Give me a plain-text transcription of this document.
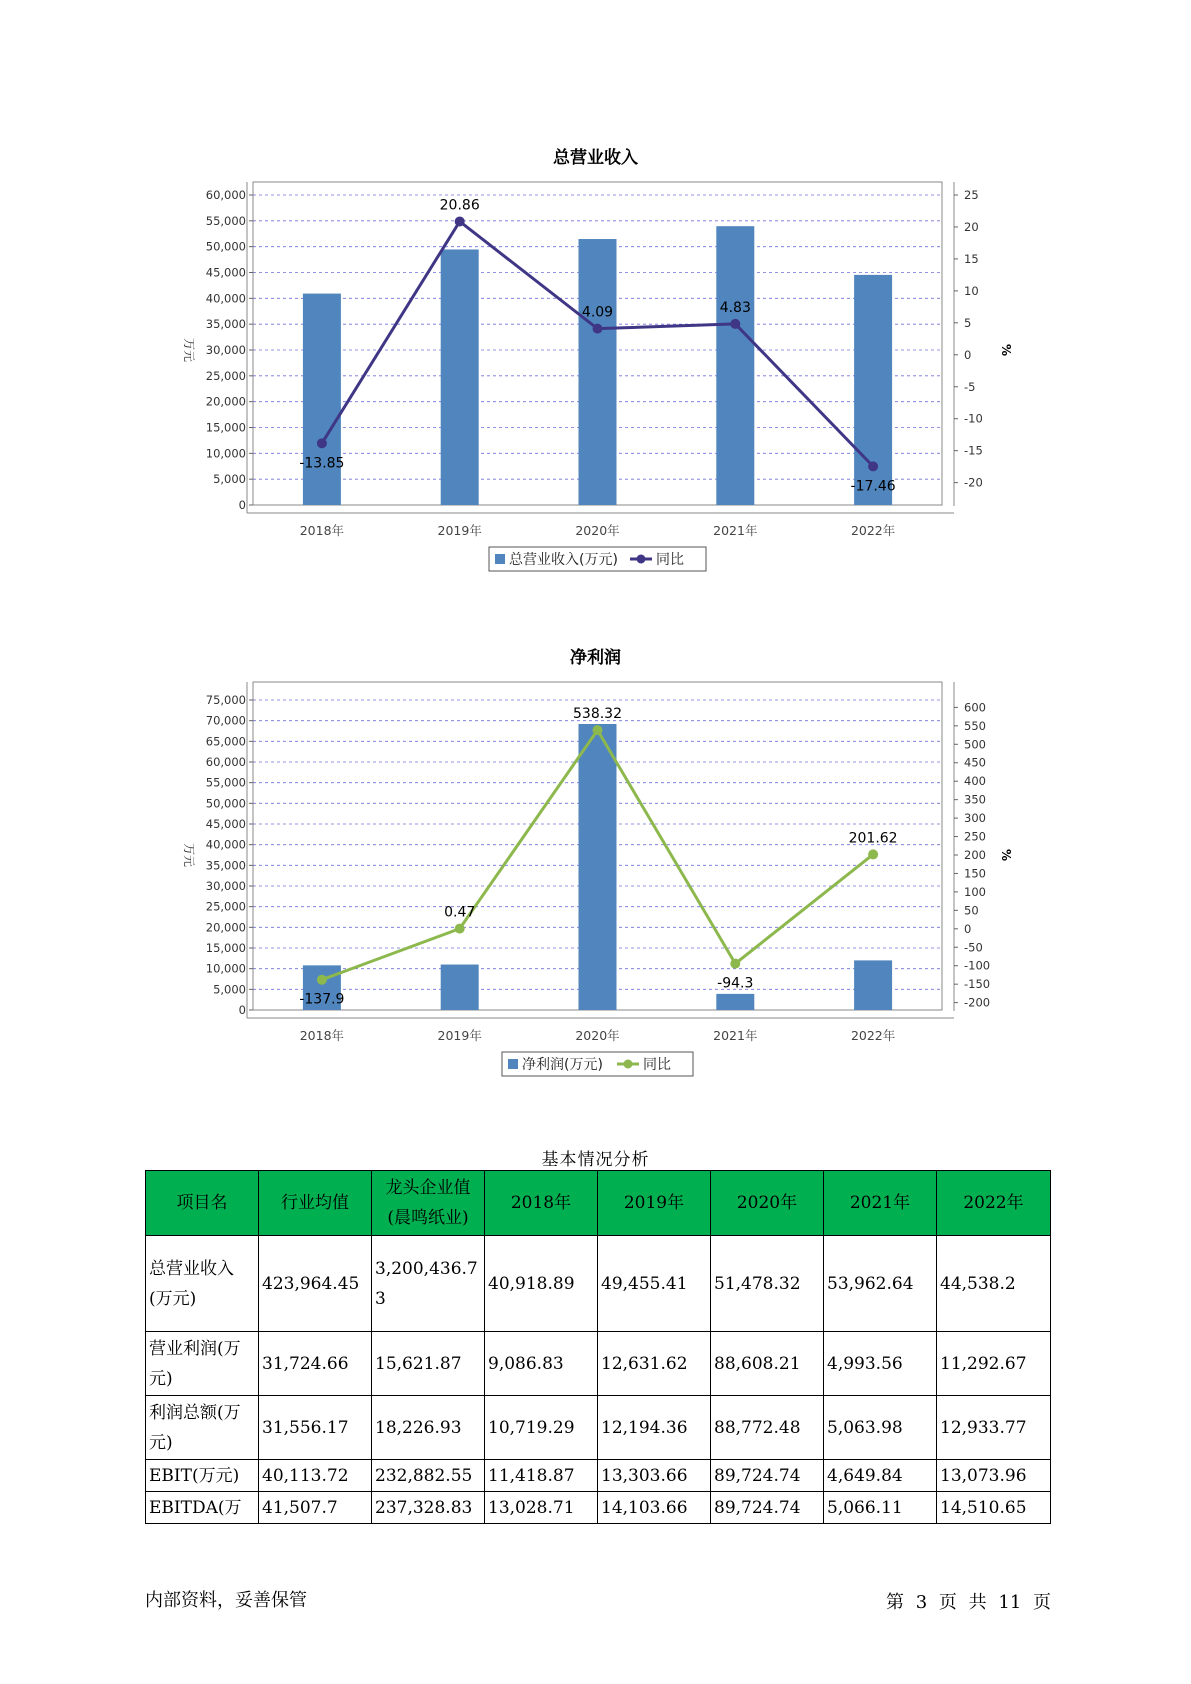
总营业收入
0
5,000
10,000
15,000
20,000
25,000
30,000
35,000
40,000
45,000
50,000
55,000
60,000
-20
-15
-10
-5
0
5
10
15
20
25
万元	%
2018年	2019年	2020年	2021年	2022年
-13.85
20.86
4.09	4.83
-17.46
总营业收入(万元)	同比
净利润
0
5,000
10,000
15,000
20,000
25,000
30,000
35,000
40,000
45,000
50,000
55,000
60,000
65,000
70,000
75,000
-200
-150
-100
-50
0
50
100
150
200
250
300
350
400
450
500
550
600
万元	%
2018年	2019年	2020年	2021年	2022年
-137.9
0.47
538.32
-94.3
201.62
净利润(万元)	同比
基本情况分析
项目名	行业均值	龙头企业值(晨鸣纸业)	2018年	2019年	2020年	2021年	2022年
总营业收入(万元)	423,964.45	3,200,436.73	40,918.89	49,455.41	51,478.32	53,962.64	44,538.2
营业利润(万元)	31,724.66	15,621.87	9,086.83	12,631.62	88,608.21	4,993.56	11,292.67
利润总额(万元)	31,556.17	18,226.93	10,719.29	12,194.36	88,772.48	5,063.98	12,933.77
EBIT(万元)	40,113.72	232,882.55	11,418.87	13,303.66	89,724.74	4,649.84	13,073.96
EBITDA(万	41,507.7	237,328.83	13,028.71	14,103.66	89,724.74	5,066.11	14,510.65
内部资料，妥善保管	第 3 页 共 11 页
